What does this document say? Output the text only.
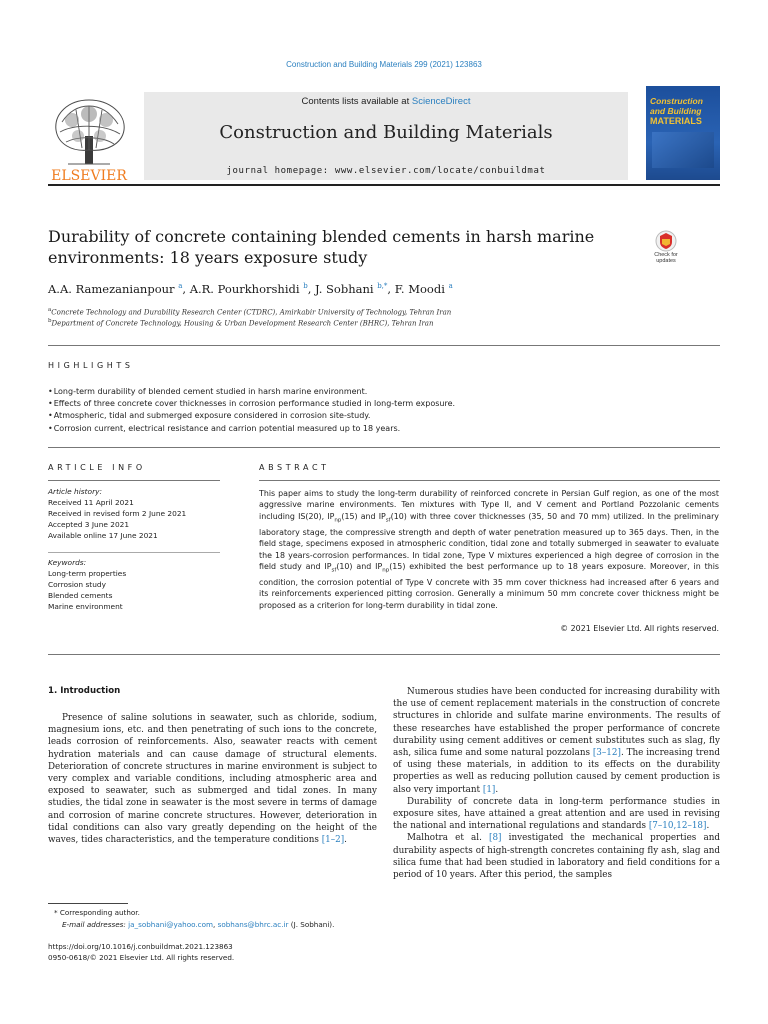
Construction and Building Materials 299 (2021) 123863
ELSEVIER
Contents lists available at ScienceDirect
Construction and Building Materials
journal homepage: www.elsevier.com/locate/conbuildmat
Construction
and Building
MATERIALS
Durability of concrete containing blended cements in harsh marine environments: 18 years exposure study	Check for
updates
A.A. Ramezanianpour $^a$, A.R. Pourkhorshidi $^b$, J. Sobhani $^{b,*}$, F. Moodi $^a$
$^a$Concrete Technology and Durability Research Center (CTDRC), Amirkabir University of Technology, Tehran Iran
$^b$Department of Concrete Technology, Housing & Urban Development Research Center (BHRC), Tehran Iran
HIGHLIGHTS
• Long-term durability of blended cement studied in harsh marine environment.
• Effects of three concrete cover thicknesses in corrosion performance studied in long-term exposure.
• Atmospheric, tidal and submerged exposure considered in corrosion site-study.
• Corrosion current, electrical resistance and carrion potential measured up to 18 years.
ARTICLE INFO
Article history:
Received 11 April 2021
Received in revised form 2 June 2021
Accepted 3 June 2021
Available online 17 June 2021
Keywords:
Long-term properties
Corrosion study
Blended cements
Marine environment
ABSTRACT
This paper aims to study the long-term durability of reinforced concrete in Persian Gulf region, as one of the most aggressive marine environments. Ten mixtures with Type II, and V cement and Portland Pozzolanic cements including IS(20), $IP_{np}(15)$ and $IP_{sf}(10)$ with three cover thicknesses (35, 50 and 70 mm) utilized. In the preliminary laboratory stage, the compressive strength and depth of water penetration measured up to 365 days. Then, in the field stage, specimens exposed in atmospheric condition, tidal zone and totally submerged in seawater to evaluate the 18 years-corrosion performances. In tidal zone, Type V mixtures experienced a high degree of corrosion in the field study and $IP_{sf}(10)$ and $IP_{np}(15)$ exhibited the best performance up to 18 years exposure. Moreover, in this condition, the corrosion potential of Type V concrete with 35 mm cover thickness had increased after 6 years and its reinforcements experienced pitting corrosion. Generally a minimum 50 mm concrete cover thickness might be proposed as a criterion for long-term durability in tidal zone.
© 2021 Elsevier Ltd. All rights reserved.
1. Introduction

Presence of saline solutions in seawater, such as chloride, sodium, magnesium ions, etc. and then penetrating of such ions to the concrete, leads corrosion of reinforcements. Also, seawater reacts with cement hydration materials and can cause damage of structural elements. Deterioration of concrete structures in marine environment is subject to very complex and variable conditions, including atmospheric area and exposed to seawater, such as submerged and tidal zones. In many studies, the tidal zone in seawater is the most severe in terms of damage and corrosion of marine concrete structures. However, deterioration in tidal conditions can also vary greatly depending on the height of the waves, tides characteristics, and the temperature conditions [1–2].

Numerous studies have been conducted for increasing durability with the use of cement replacement materials in the construction of concrete structures in chloride and sulfate marine environments. The results of these researches have established the proper performance of concrete durability using cement additives or cement substitutes such as slag, fly ash, silica fume and some natural pozzolans [3–12]. The increasing trend of using these materials, in addition to its effects on the durability properties as well as reducing pollution caused by cement production is also very important [1].

Durability of concrete data in long-term performance studies in exposure sites, have attained a great attention and are used in revising the national and international regulations and standards [7–10,12–18].

Malhotra et al. [8] investigated the mechanical properties and durability aspects of high-strength concretes containing fly ash, slag and silica fume that had been studied in laboratory and field conditions for a period of 10 years. After this period, the samples

* Corresponding author.
E-mail addresses: ja_sobhani@yahoo.com, sobhans@bhrc.ac.ir (J. Sobhani).
https://doi.org/10.1016/j.conbuildmat.2021.123863
0950-0618/© 2021 Elsevier Ltd. All rights reserved.
